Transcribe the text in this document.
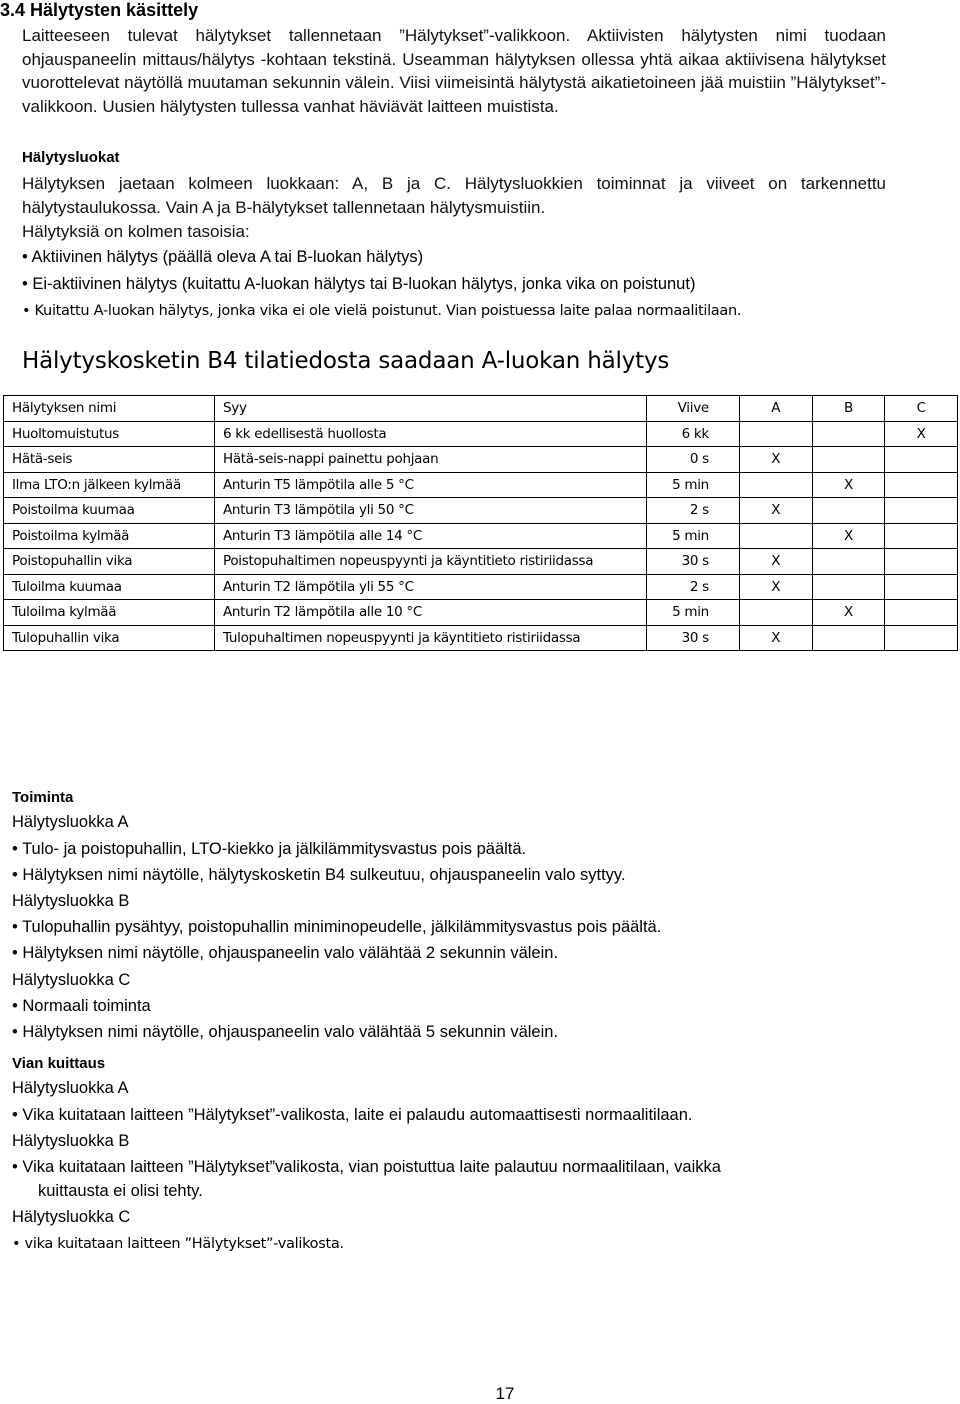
3.4 Hälytysten käsittely
Laitteeseen tulevat hälytykset tallennetaan ”Hälytykset”-valikkoon. Aktiivisten hälytysten nimi tuodaan ohjauspaneelin mittaus/hälytys -kohtaan tekstinä. Useamman hälytyksen ollessa yhtä aikaa aktiivisena hälytykset vuorottelevat näytöllä muutaman sekunnin välein. Viisi viimeisintä hälytystä aikatietoineen jää muistiin ”Hälytykset”-valikkoon. Uusien hälytysten tullessa vanhat häviävät laitteen muistista.
Hälytysluokat
Hälytyksen jaetaan kolmeen luokkaan: A, B ja C. Hälytysluokkien toiminnat ja viiveet on tarkennettu hälytystaulukossa. Vain A ja B-hälytykset tallennetaan hälytysmuistiin.
Hälytyksiä on kolmen tasoisia:
• Aktiivinen hälytys (päällä oleva A tai B-luokan hälytys)
• Ei-aktiivinen hälytys (kuitattu A-luokan hälytys tai B-luokan hälytys, jonka vika on poistunut)
• Kuitattu A-luokan hälytys, jonka vika ei ole vielä poistunut. Vian poistuessa laite palaa normaalitilaan.
Hälytyskosketin B4 tilatiedosta saadaan A-luokan hälytys
Hälytyksen nimi	Syy	Viive	A	B	C
Huoltomuistutus	6 kk edellisestä huollosta	6 kk			X
Hätä-seis	Hätä-seis-nappi painettu pohjaan	0 s	X		
Ilma LTO:n jälkeen kylmää	Anturin T5 lämpötila alle 5 °C	5 min		X	
Poistoilma kuumaa	Anturin T3 lämpötila yli 50 °C	2 s	X		
Poistoilma kylmää	Anturin T3 lämpötila alle 14 °C	5 min		X	
Poistopuhallin vika	Poistopuhaltimen nopeuspyynti ja käyntitieto ristiriidassa	30 s	X		
Tuloilma kuumaa	Anturin T2 lämpötila yli 55 °C	2 s	X		
Tuloilma kylmää	Anturin T2 lämpötila alle 10 °C	5 min		X	
Tulopuhallin vika	Tulopuhaltimen nopeuspyynti ja käyntitieto ristiriidassa	30 s	X		
Toiminta
Hälytysluokka A
• Tulo- ja poistopuhallin, LTO-kiekko ja jälkilämmitysvastus pois päältä.
• Hälytyksen nimi näytölle, hälytyskosketin B4 sulkeutuu, ohjauspaneelin valo syttyy.
Hälytysluokka B
• Tulopuhallin pysähtyy, poistopuhallin miniminopeudelle, jälkilämmitysvastus pois päältä.
• Hälytyksen nimi näytölle, ohjauspaneelin valo välähtää 2 sekunnin välein.
Hälytysluokka C
• Normaali toiminta
• Hälytyksen nimi näytölle, ohjauspaneelin valo välähtää 5 sekunnin välein.
Vian kuittaus
Hälytysluokka A
• Vika kuitataan laitteen ”Hälytykset”-valikosta, laite ei palaudu automaattisesti normaalitilaan.
Hälytysluokka B
• Vika kuitataan laitteen ”Hälytykset”valikosta, vian poistuttua laite palautuu normaalitilaan, vaikka
kuittausta ei olisi tehty.
Hälytysluokka C
• vika kuitataan laitteen ”Hälytykset”-valikosta.
17
